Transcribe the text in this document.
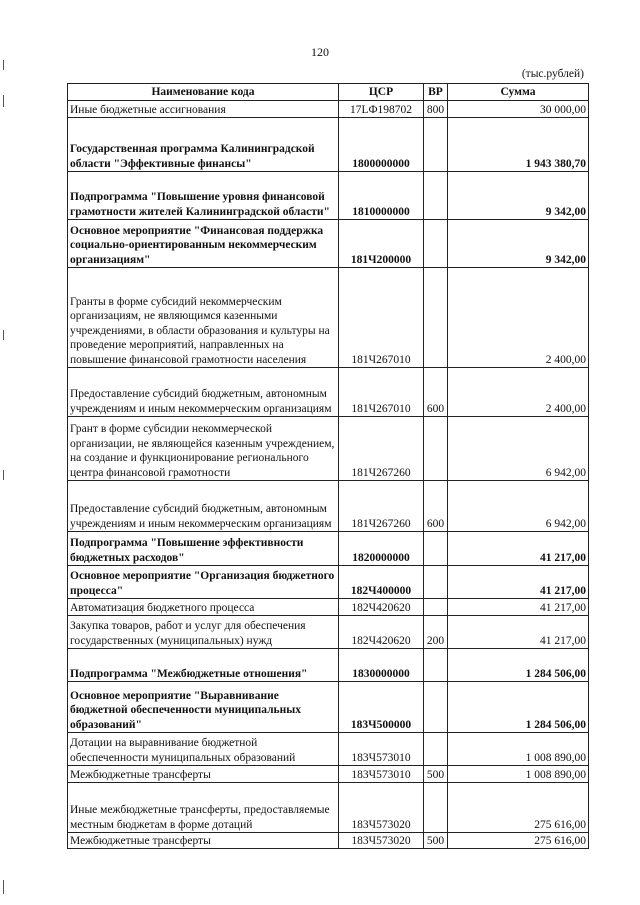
120
(тыс.рублей)
Наименование кода	ЦСР	ВР	Сумма
Иные бюджетные ассигнования	17LФ198702	800	30 000,00
Государственная программа Калининградской области "Эффективные финансы"	1800000000		1 943 380,70
Подпрограмма "Повышение уровня финансовой грамотности жителей Калининградской области"	1810000000		9 342,00
Основное мероприятие "Финансовая поддержка социально-ориентированным некоммерческим организациям"	181Ч200000		9 342,00
Гранты в форме субсидий некоммерческим организациям, не являющимся казенными учреждениями, в области образования и культуры на проведение мероприятий, направленных на повышение финансовой грамотности населения	181Ч267010		2 400,00
Предоставление субсидий бюджетным, автономным учреждениям и иным некоммерческим организациям	181Ч267010	600	2 400,00
Грант в форме субсидии некоммерческой организации, не являющейся казенным учреждением, на создание и функционирование регионального центра финансовой грамотности	181Ч267260		6 942,00
Предоставление субсидий бюджетным, автономным учреждениям и иным некоммерческим организациям	181Ч267260	600	6 942,00
Подпрограмма "Повышение эффективности бюджетных расходов"	1820000000		41 217,00
Основное мероприятие "Организация бюджетного процесса"	182Ч400000		41 217,00
Автоматизация бюджетного процесса	182Ч420620		41 217,00
Закупка товаров, работ и услуг для обеспечения государственных (муниципальных) нужд	182Ч420620	200	41 217,00
Подпрограмма "Межбюджетные отношения"	1830000000		1 284 506,00
Основное мероприятие "Выравнивание бюджетной обеспеченности муниципальных образований"	183Ч500000		1 284 506,00
Дотации на выравнивание бюджетной обеспеченности муниципальных образований	183Ч573010		1 008 890,00
Межбюджетные трансферты	183Ч573010	500	1 008 890,00
Иные межбюджетные трансферты, предоставляемые местным бюджетам в форме дотаций	183Ч573020		275 616,00
Межбюджетные трансферты	183Ч573020	500	275 616,00
